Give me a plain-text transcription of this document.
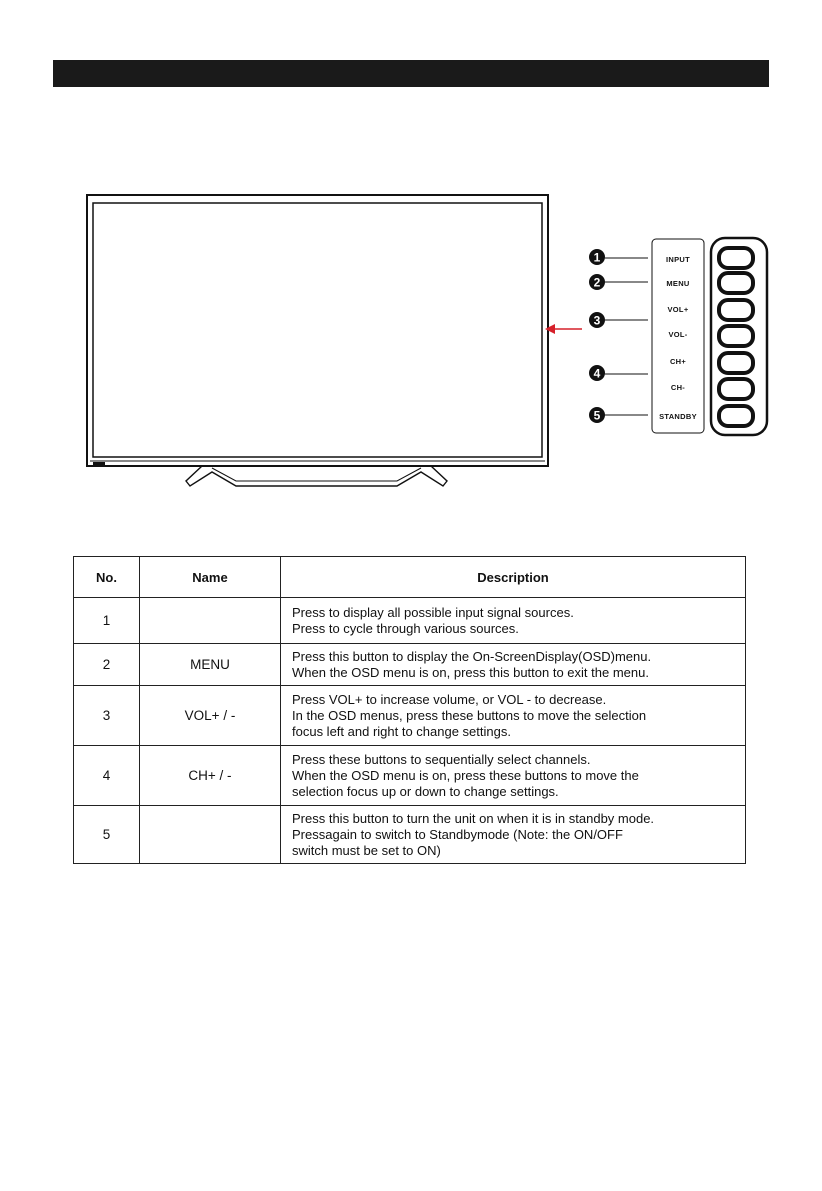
INPUT
MENU
VOL+
VOL-
CH+
CH-
STANDBY
1
2
3
4
5
No.	Name	Description
1		Press to display all possible input signal sources.
Press to cycle through various sources.

2	MENU	Press this button to display the On-ScreenDisplay(OSD)menu.
When the OSD menu is on, press this button to exit the menu.

3	VOL+ / -	Press VOL+ to increase volume, or VOL - to decrease.
In the OSD menus, press these buttons to move the selection
focus left and right to change settings.

4	CH+ / -	Press these buttons to sequentially select channels.
When the OSD menu is on, press these buttons to move the
selection focus up or down to change settings.

5		Press this button to turn the unit on when it is in standby mode.
Pressagain to switch to Standbymode (Note: the ON/OFF
switch must be set to ON)
